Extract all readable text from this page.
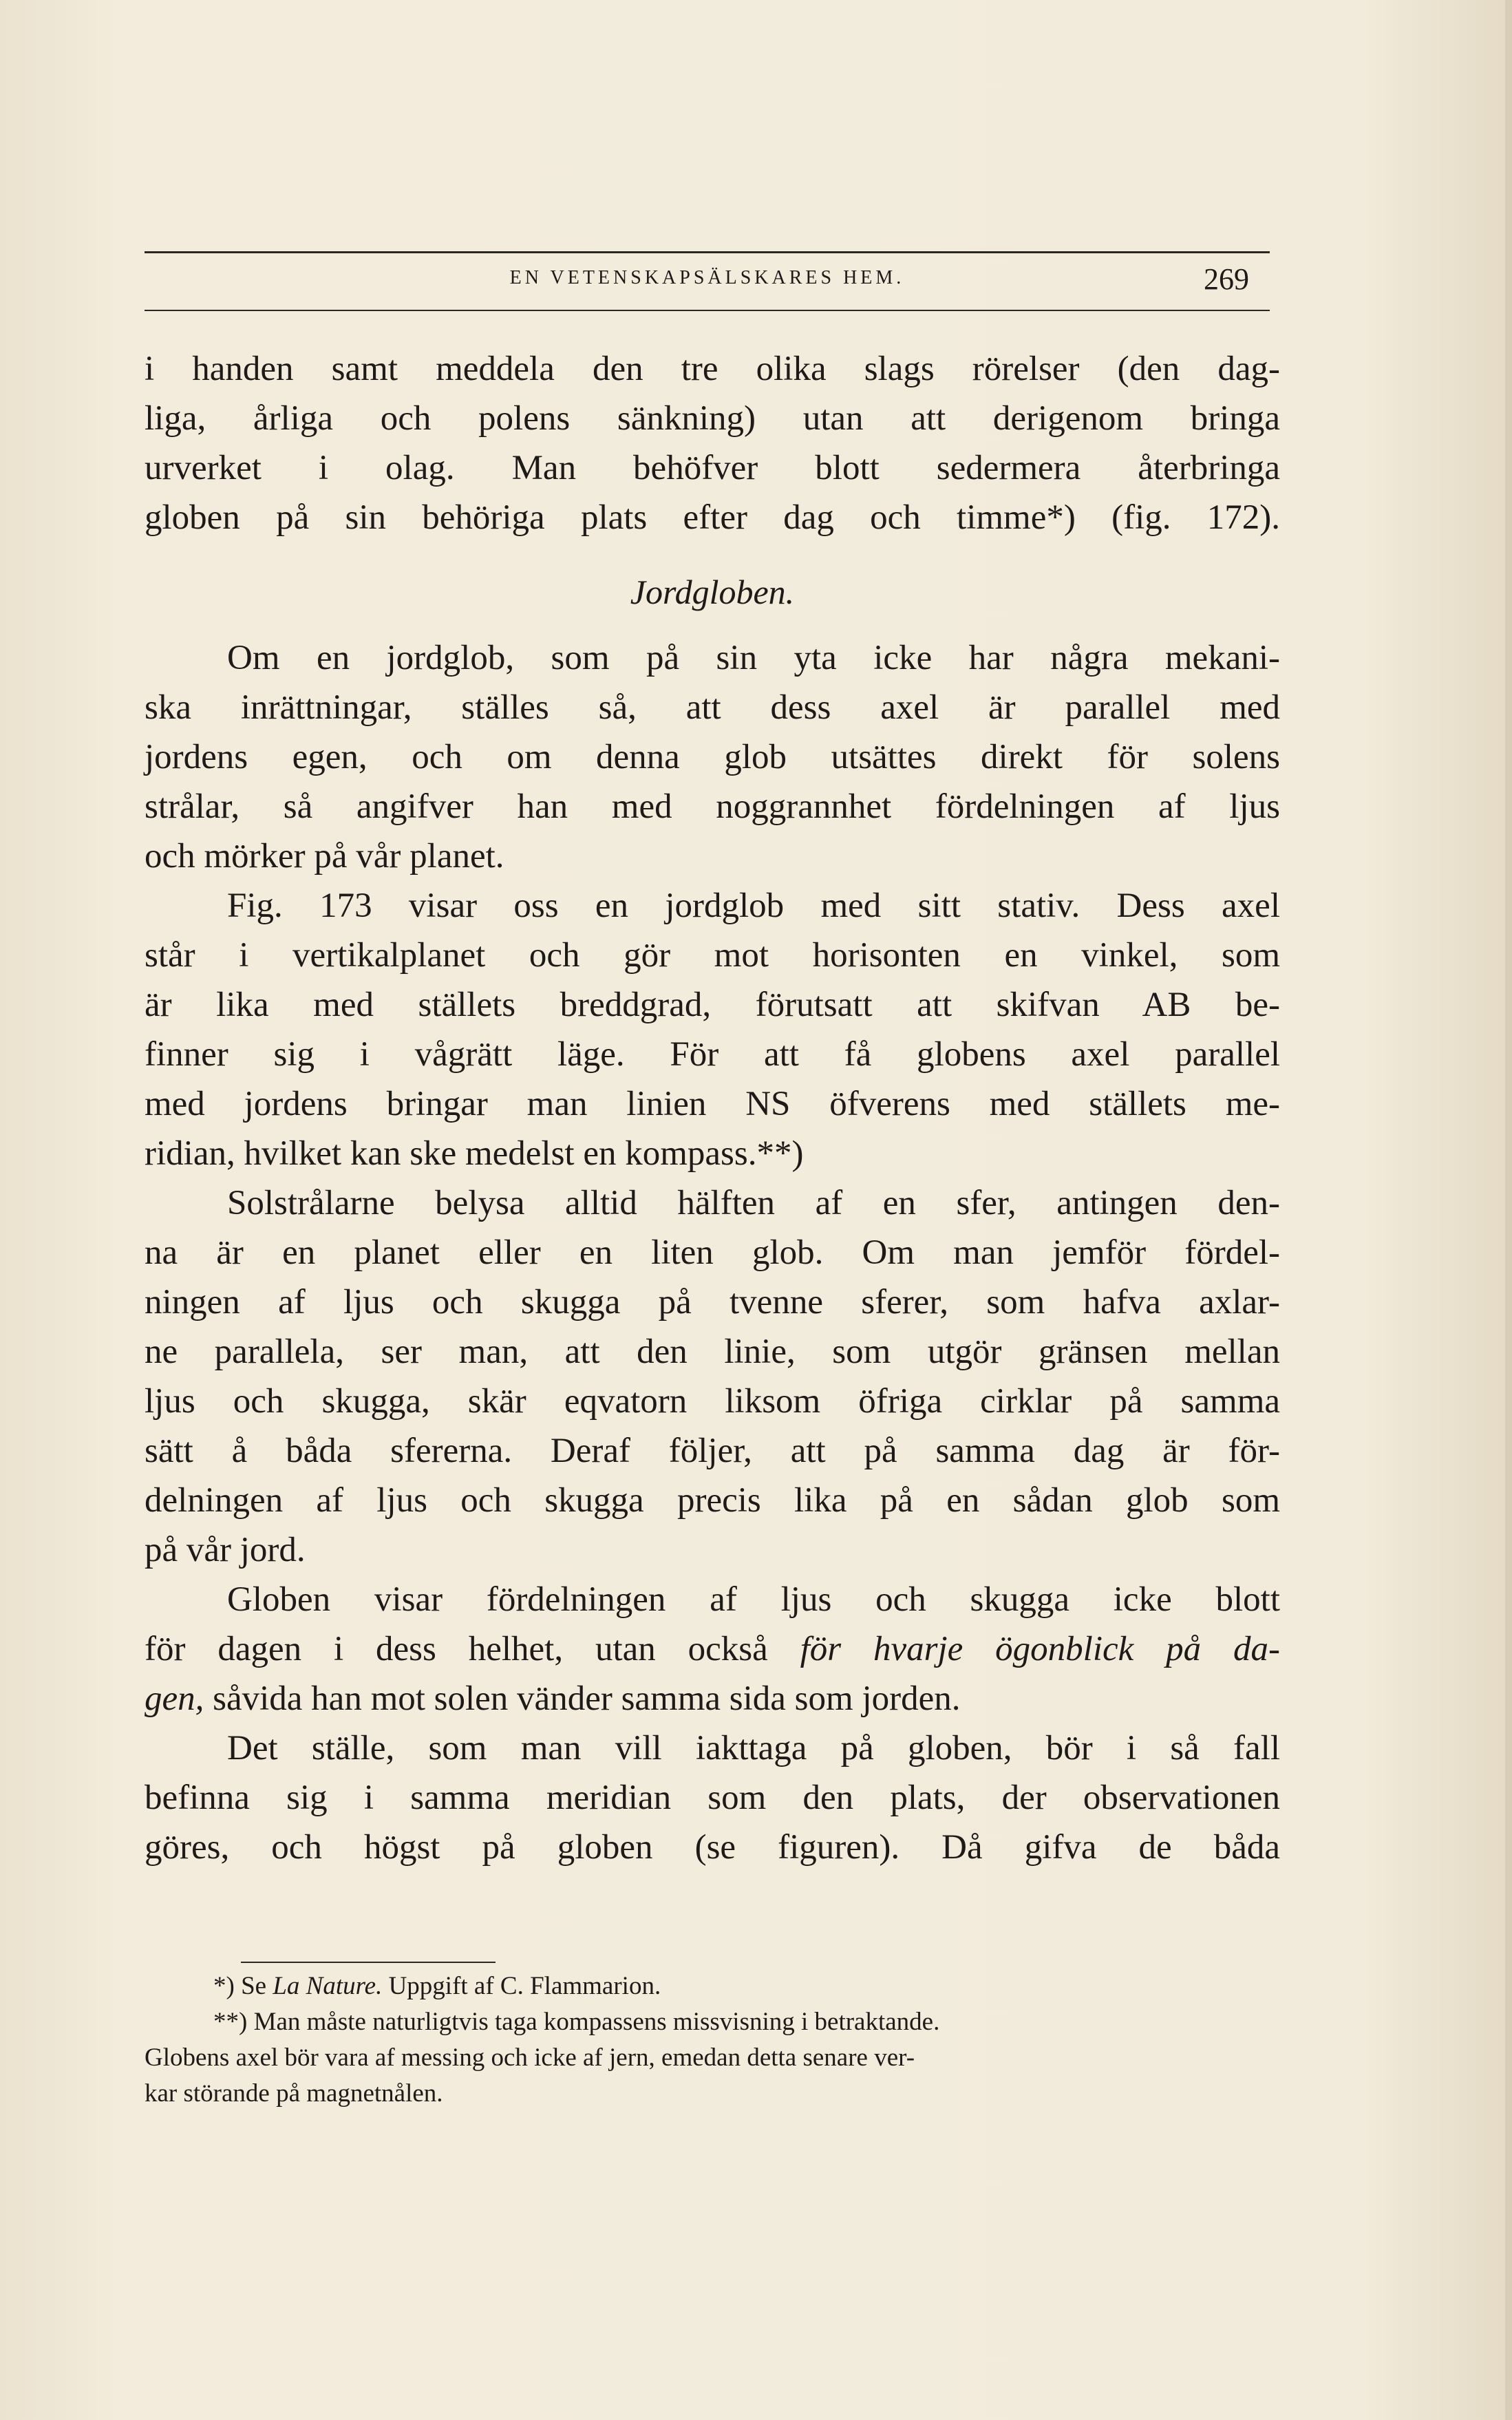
EN VETENSKAPSÄLSKARES HEM.	269
i handen samt meddela den tre olika slags rörelser (den dag-
liga, årliga och polens sänkning) utan att derigenom bringa
urverket i olag. Man behöfver blott sedermera återbringa
globen på sin behöriga plats efter dag och timme*) (fig. 172).
Jordgloben.
Om en jordglob, som på sin yta icke har några mekani-
ska inrättningar, ställes så, att dess axel är parallel med
jordens egen, och om denna glob utsättes direkt för solens
strålar, så angifver han med noggrannhet fördelningen af ljus
och mörker på vår planet.
Fig. 173 visar oss en jordglob med sitt stativ. Dess axel
står i vertikalplanet och gör mot horisonten en vinkel, som
är lika med ställets breddgrad, förutsatt att skifvan AB be-
finner sig i vågrätt läge. För att få globens axel parallel
med jordens bringar man linien NS öfverens med ställets me-
ridian, hvilket kan ske medelst en kompass.**)
Solstrålarne belysa alltid hälften af en sfer, antingen den-
na är en planet eller en liten glob. Om man jemför fördel-
ningen af ljus och skugga på tvenne sferer, som hafva axlar-
ne parallela, ser man, att den linie, som utgör gränsen mellan
ljus och skugga, skär eqvatorn liksom öfriga cirklar på samma
sätt å båda sfererna. Deraf följer, att på samma dag är för-
delningen af ljus och skugga precis lika på en sådan glob som
på vår jord.
Globen visar fördelningen af ljus och skugga icke blott
för dagen i dess helhet, utan också för hvarje ögonblick på da-
gen, såvida han mot solen vänder samma sida som jorden.
Det ställe, som man vill iakttaga på globen, bör i så fall
befinna sig i samma meridian som den plats, der observationen
göres, och högst på globen (se figuren). Då gifva de båda
*) Se La Nature. Uppgift af C. Flammarion.
**) Man måste naturligtvis taga kompassens missvisning i betraktande.
Globens axel bör vara af messing och icke af jern, emedan detta senare ver-
kar störande på magnetnålen.
